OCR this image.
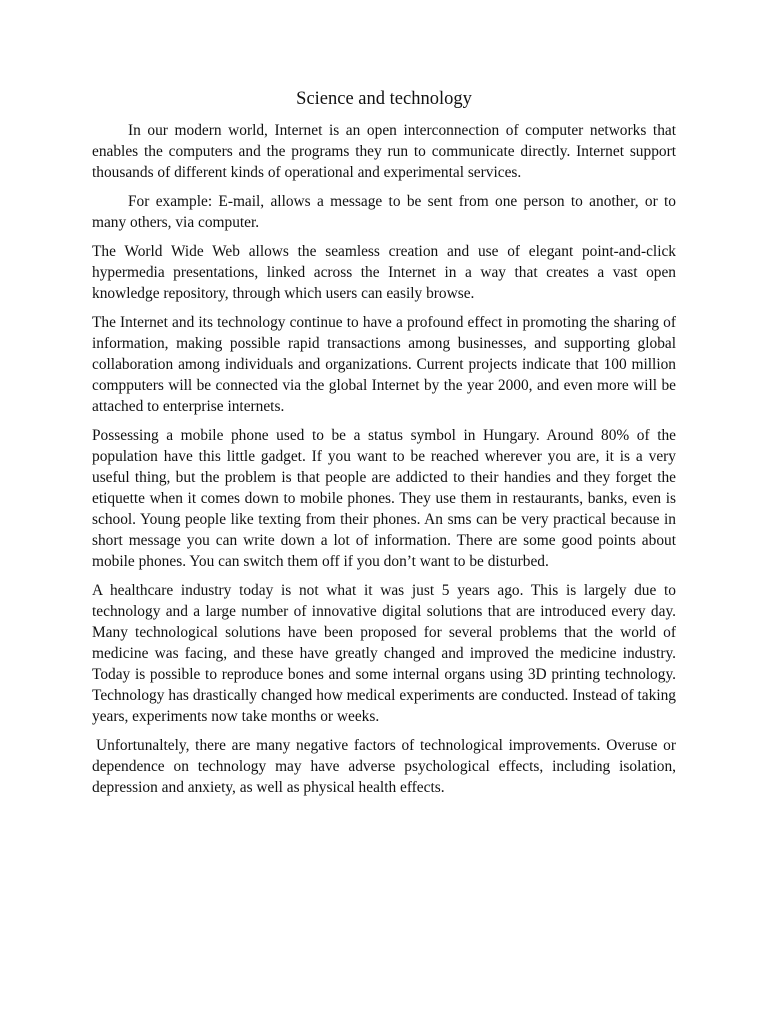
Science and technology

In our modern world, Internet is an open interconnection of computer networks that enables the computers and the programs they run to communicate directly. Internet support thousands of different kinds of operational and experimental services.

For example: E-mail, allows a message to be sent from one person to another, or to many others, via computer.

The World Wide Web allows the seamless creation and use of elegant point-and-click hypermedia presentations, linked across the Internet in a way that creates a vast open knowledge repository, through which users can easily browse.

The Internet and its technology continue to have a profound effect in promoting the sharing of information, making possible rapid transactions among businesses, and supporting global collaboration among individuals and organizations. Current projects indicate that 100 million compputers will be connected via the global Internet by the year 2000, and even more will be attached to enterprise internets.

Possessing a mobile phone used to be a status symbol in Hungary. Around 80% of the population have this little gadget. If you want to be reached wherever you are, it is a very useful thing, but the problem is that people are addicted to their handies and they forget the etiquette when it comes down to mobile phones. They use them in restaurants, banks, even is school. Young people like texting from their phones. An sms can be very practical because in short message you can write down a lot of information. There are some good points about mobile phones. You can switch them off if you don’t want to be disturbed.

A healthcare industry today is not what it was just 5 years ago. This is largely due to technology and a large number of innovative digital solutions that are introduced every day. Many technological solutions have been proposed for several problems that the world of medicine was facing, and these have greatly changed and improved the medicine industry. Today is possible to reproduce bones and some internal organs using 3D printing technology. Technology has drastically changed how medical experiments are conducted. Instead of taking years, experiments now take months or weeks.

Unfortunaltely, there are many negative factors of technological improvements. Overuse or dependence on technology may have adverse psychological effects, including isolation, depression and anxiety, as well as physical health effects.
